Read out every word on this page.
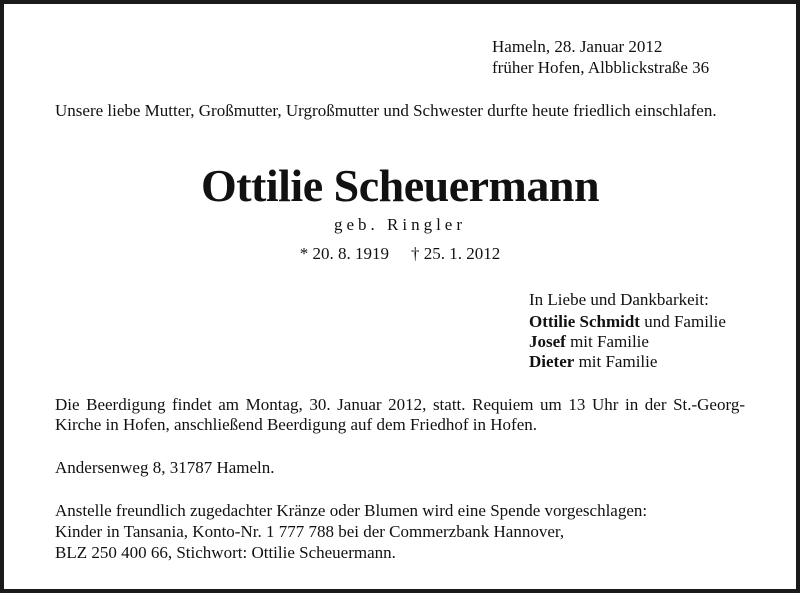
Hameln, 28. Januar 2012

früher Hofen, Albblickstraße 36

Unsere liebe Mutter, Großmutter, Urgroßmutter und Schwester durfte heute friedlich einschlafen.

Ottilie Scheuermann

geb. Ringler

* 20. 8. 1919 † 25. 1. 2012

In Liebe und Dankbarkeit:

Ottilie Schmidt und Familie

Josef mit Familie

Dieter mit Familie

Die Beerdigung findet am Montag, 30. Januar 2012, statt. Requiem um 13 Uhr in der St.-Georg-Kirche in Hofen, anschließend Beerdigung auf dem Friedhof in Hofen.

Andersenweg 8, 31787 Hameln.

Anstelle freundlich zugedachter Kränze oder Blumen wird eine Spende vorgeschlagen:

Kinder in Tansania, Konto-Nr. 1 777 788 bei der Commerzbank Hannover,

BLZ 250 400 66, Stichwort: Ottilie Scheuermann.
